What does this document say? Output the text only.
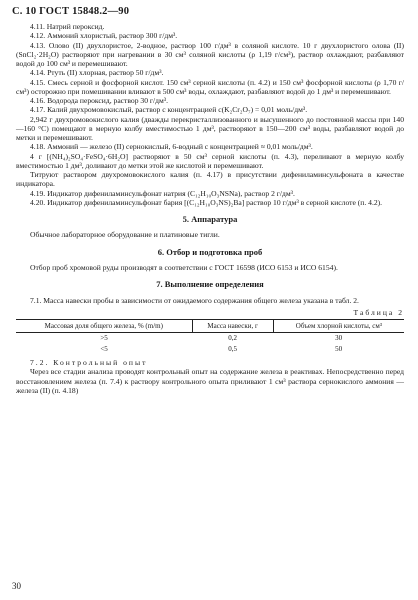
С. 10 ГОСТ 15848.2—90

4.11. Натрий пероксид.

4.12. Аммоний хлористый, раствор 300 г/дм³.

4.13. Олово (II) двухлористое, 2-водное, раствор 100 г/дм³ в соляной кислоте. 10 г двухлористого олова (II) (SnCl₂·2H₂O) растворяют при нагревании в 30 см³ соляной кислоты (ρ 1,19 г/см³), раствор охлаждают, разбавляют водой до 100 см³ и перемешивают.

4.14. Ртуть (II) хлорная, раствор 50 г/дм³.

4.15. Смесь серной и фосфорной кислот. 150 см³ серной кислоты (п. 4.2) и 150 см³ фосфорной кислоты (ρ 1,70 г/см³) осторожно при помешивании вливают в 500 см³ воды, охлаждают, разбавляют водой до 1 дм³ и перемешивают.

4.16. Водорода пероксид, раствор 30 г/дм³.

4.17. Калий двухромовокислый, раствор с концентрацией c(K₂Cr₂O₇) = 0,01 моль/дм³.

2,942 г двухромовокислого калия (дважды перекристаллизованного и высушенного до постоянной массы при 140—160 °С) помещают в мерную колбу вместимостью 1 дм³, растворяют в 150—200 см³ воды, разбавляют водой до метки и перемешивают.

4.18. Аммоний — железо (II) сернокислый, 6-водный с концентрацией ≈ 0,01 моль/дм³.

4 г [(NH₄)₂SO₄·FeSO₄·6H₂O] растворяют в 50 см³ серной кислоты (п. 4.3), переливают в мерную колбу вместимостью 1 дм³, доливают до метки этой же кислотой и перемешивают.

Титруют раствором двухромовокислого калия (п. 4.17) в присутствии дифениламинсульфоната в качестве индикатора.

4.19. Индикатор дифениламинсульфонат натрия (C₁₂H₁₀O₃NSNa), раствор 2 г/дм³.

4.20. Индикатор дифениламинсульфонат бария [(C₁₂H₁₀O₃NS)₂Ba] раствор 10 г/дм³ в серной кислоте (п. 4.2).

5. Аппаратура

Обычное лабораторное оборудование и платиновые тигли.

6. Отбор и подготовка проб

Отбор проб хромовой руды производят в соответствии с ГОСТ 16598 (ИСО 6153 и ИСО 6154).

7. Выполнение определения

7.1. Масса навески пробы в зависимости от ожидаемого содержания общего железа указана в табл. 2.

Таблица 2
Массовая доля общего железа, % (m/m)	Масса навески, г	Объем хлорной кислоты, см³
>5	0,2	30
<5	0,5	50

7.2. Контрольный опыт

Через все стадии анализа проводят контрольный опыт на содержание железа в реактивах. Непосредственно перед восстановлением железа (п. 7.4) к раствору контрольного опыта приливают 1 см³ раствора сернокислого аммония — железа (II) (п. 4.18)

30
